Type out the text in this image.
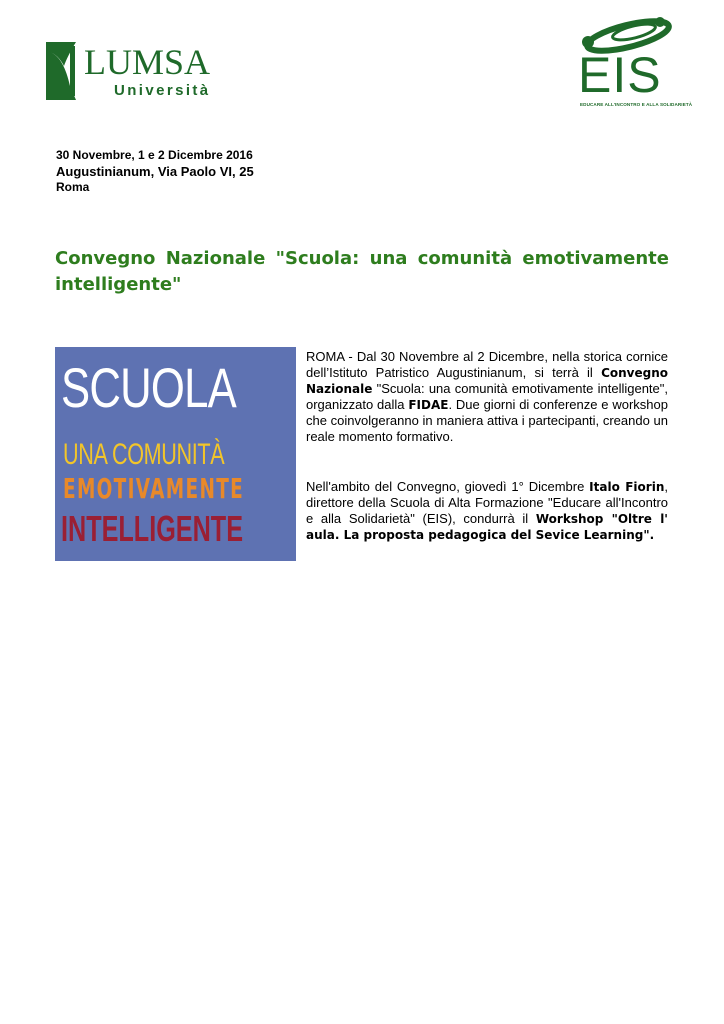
LUMSA
Università	EIS
EDUCARE ALL'INCONTRO E ALLA SOLIDARIETÀ
30 Novembre, 1 e 2 Dicembre 2016
Augustinianum, Via Paolo VI, 25
Roma
Convegno Nazionale "Scuola: una comunità emotivamente intelligente"
SCUOLA
UNA COMUNITÀ
EMOTIVAMENTE
INTELLIGENTE
ROMA - Dal 30 Novembre al 2 Dicembre, nella storica cornice dell’Istituto Patristico Augustinianum, si terrà il Convegno Nazionale "Scuola: una comunità emotivamente intelligente", organizzato dalla FIDAE. Due giorni di conferenze e workshop che coinvolgeranno in maniera attiva i partecipanti, creando un reale momento formativo.
Nell'ambito del Convegno, giovedì 1° Dicembre Italo Fiorin, direttore della Scuola di Alta Formazione "Educare all'Incontro e alla Solidarietà" (EIS), condurrà il Workshop "Oltre l' aula. La proposta pedagogica del Sevice Learning".
